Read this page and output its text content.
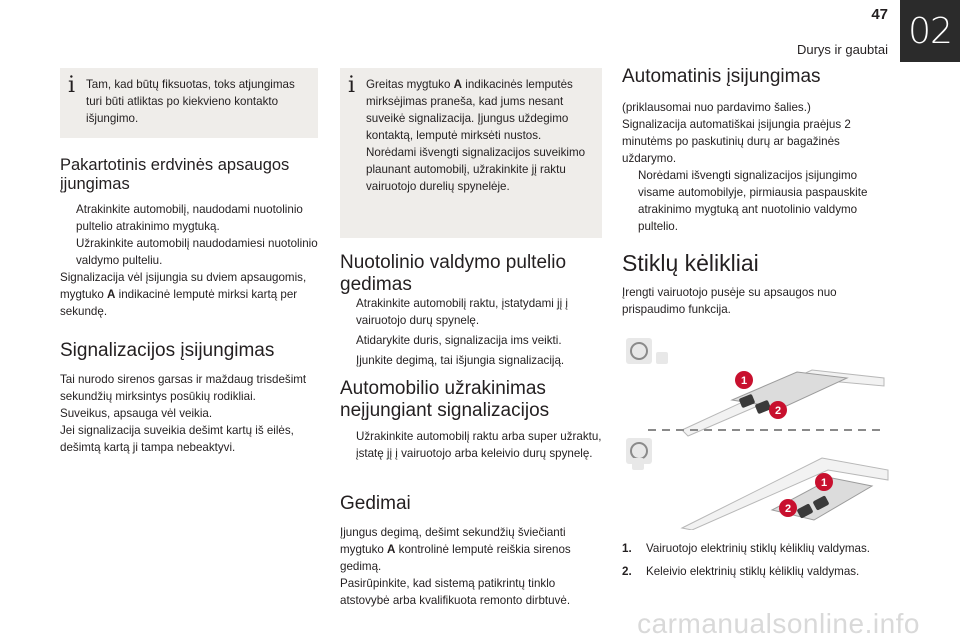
47
Durys ir gaubtai 02
i Tam, kad būtų fiksuotas, toks atjungimas turi būti atliktas po kiekvieno kontakto išjungimo.
Pakartotinis erdvinės apsaugos įjungimas
Atrakinkite automobilį, naudodami nuotolinio pultelio atrakinimo mygtuką.
Užrakinkite automobilį naudodamiesi nuotolinio valdymo pulteliu.

Signalizacija vėl įsijungia su dviem apsaugomis, mygtuko A indikacinė lemputė mirksi kartą per sekundę.

Signalizacijos įsijungimas

Tai nurodo sirenos garsas ir maždaug trisdešimt sekundžių mirksintys posūkių rodikliai.

Suveikus, apsauga vėl veikia.

Jei signalizacija suveikia dešimt kartų iš eilės, dešimtą kartą ji tampa nebeaktyvi.

i Greitas mygtuko A indikacinės lemputės mirksėjimas praneša, kad jums nesant suveikė signalizacija. Įjungus uždegimo kontaktą, lemputė mirksėti nustos. Norėdami išvengti signalizacijos suveikimo plaunant automobilį, užrakinkite jį raktu vairuotojo durelių spynelėje.
Nuotolinio valdymo pultelio gedimas
Atrakinkite automobilį raktu, įstatydami jį į vairuotojo durų spynelę.
Atidarykite duris, signalizacija ims veikti.
Įjunkite degimą, tai išjungia signalizaciją.
Automobilio užrakinimas neįjungiant signalizacijos
Užrakinkite automobilį raktu arba super užraktu, įstatę jį į vairuotojo arba keleivio durų spynelę.
Gedimai

Įjungus degimą, dešimt sekundžių šviečianti mygtuko A kontrolinė lemputė reiškia sirenos gedimą.

Pasirūpinkite, kad sistemą patikrintų tinklo atstovybė arba kvalifikuota remonto dirbtuvė.

Automatinis įsijungimas

(priklausomai nuo pardavimo šalies.)

Signalizacija automatiškai įsijungia praėjus 2 minutėms po paskutinių durų ar bagažinės uždarymo.

Norėdami išvengti signalizacijos įsijungimo visame automobilyje, pirmiausia paspauskite atrakinimo mygtuką ant nuotolinio valdymo pultelio.
Stiklų kėlikliai

Įrengti vairuotojo pusėje su apsaugos nuo prispaudimo funkcija.

1
2
1
2
1. Vairuotojo elektrinių stiklų kėliklių valdymas.
2. Keleivio elektrinių stiklų kėliklių valdymas.
carmanualsonline.info
